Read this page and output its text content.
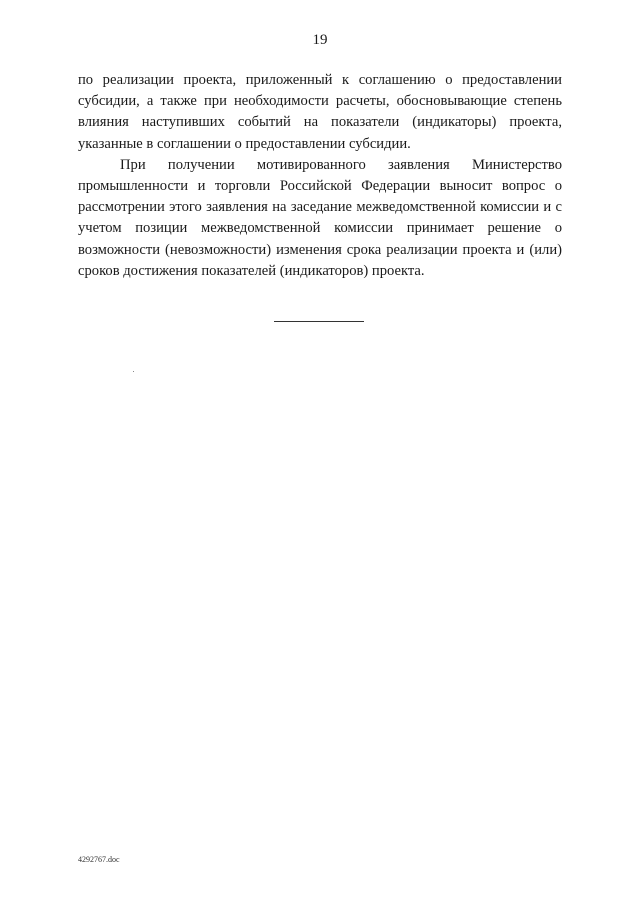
19

по реализации проекта, приложенный к соглашению о предоставлении субсидии, а также при необходимости расчеты, обосновывающие степень влияния наступивших событий на показатели (индикаторы) проекта, указанные в соглашении о предоставлении субсидии.

При получении мотивированного заявления Министерство промышленности и торговли Российской Федерации выносит вопрос о рассмотрении этого заявления на заседание межведомственной комиссии и с учетом позиции межведомственной комиссии принимает решение о возможности (невозможности) изменения срока реализации проекта и (или) сроков достижения показателей (индикаторов) проекта.

4292767.doc
